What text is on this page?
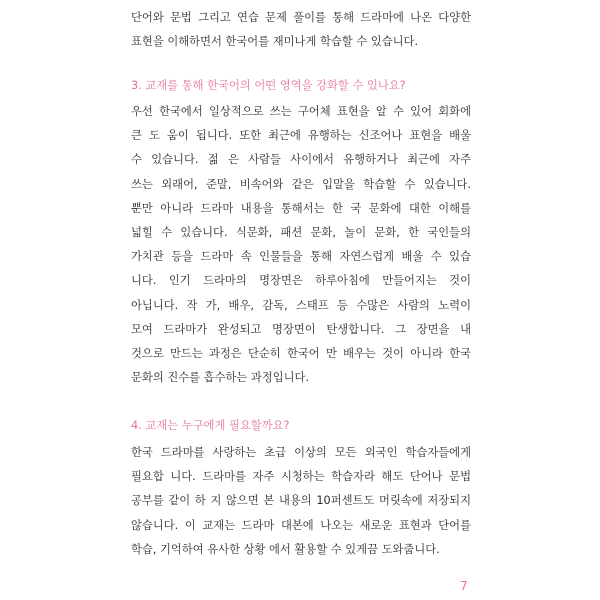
단어와 문법 그리고 연습 문제 풀이를 통해 드라마에 나온 다양한
표현을 이해하면서 한국어를 재미나게 학습할 수 있습니다.
3. 교재를 통해 한국어의 어떤 영역을 강화할 수 있나요?
우선 한국에서 일상적으로 쓰는 구어체 표현을 알 수 있어 회화에
큰 도 움이 됩니다. 또한 최근에 유행하는 신조어나 표현을 배울
수 있습니다. 젊 은 사람들 사이에서 유행하거나 최근에 자주
쓰는 외래어, 준말, 비속어와 같은 입말을 학습할 수 있습니다.
뿐만 아니라 드라마 내용을 통해서는 한 국 문화에 대한 이해를
넓힐 수 있습니다. 식문화, 패션 문화, 놀이 문화, 한 국인들의
가치관 등을 드라마 속 인물들을 통해 자연스럽게 배울 수 있습
니다. 인기 드라마의 명장면은 하루아침에 만들어지는 것이
아닙니다. 작 가, 배우, 감독, 스태프 등 수많은 사람의 노력이
모여 드라마가 완성되고 명장면이 탄생합니다. 그 장면을 내
것으로 만드는 과정은 단순히 한국어 만 배우는 것이 아니라 한국
문화의 진수를 흡수하는 과정입니다.
4. 교재는 누구에게 필요할까요?
한국 드라마를 사랑하는 초급 이상의 모든 외국인 학습자들에게
필요합 니다. 드라마를 자주 시청하는 학습자라 해도 단어나 문법
공부를 같이 하 지 않으면 본 내용의 10퍼센트도 머릿속에 저장되지
않습니다. 이 교재는 드라마 대본에 나오는 새로운 표현과 단어를
학습, 기억하여 유사한 상황 에서 활용할 수 있게끔 도와줍니다.
7
